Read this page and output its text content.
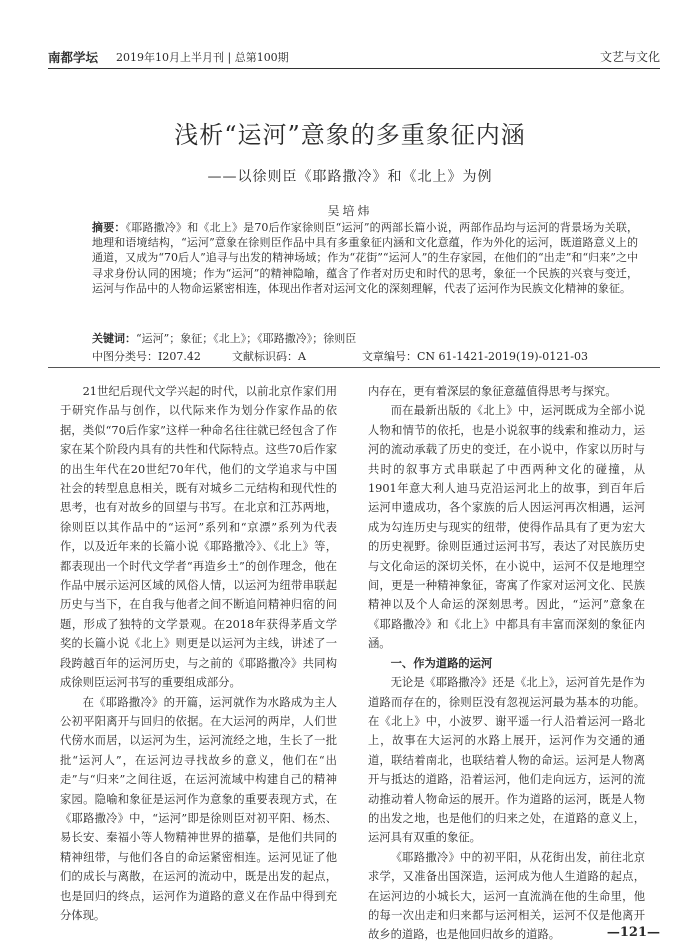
南都学坛 2019年10月上半月刊 | 总第100期	文艺与文化
浅析“运河”意象的多重象征内涵
——以徐则臣《耶路撒冷》和《北上》为例
吴培炜
摘要：《耶路撒冷》和《北上》是70后作家徐则臣“运河”的两部长篇小说，两部作品均与运河的背景场为关联，地理和语境结构，“运河”意象在徐则臣作品中具有多重象征内涵和文化意蕴，作为外化的运河，既道路意义上的通道，又成为“70后人”追寻与出发的精神场域；作为“花街”“运河人”的生存家园，在他们的“出走”和“归来”之中寻求身份认同的困境；作为“运河”的精神隐喻，蕴含了作者对历史和时代的思考，象征一个民族的兴衰与变迁，运河与作品中的人物命运紧密相连，体现出作者对运河文化的深刻理解，代表了运河作为民族文化精神的象征。
关键词：“运河”；象征；《北上》；《耶路撒冷》；徐则臣
中图分类号：I207.42	文献标识码：A	文章编号：CN 61-1421-2019(19)-0121-03

21世纪后现代文学兴起的时代，以前北京作家们用于研究作品与创作，以代际来作为划分作家作品的依据，类似“70后作家”这样一种命名往往就已经包含了作家在某个阶段内具有的共性和代际特点。这些70后作家的出生年代在20世纪70年代，他们的文学追求与中国社会的转型息息相关，既有对城乡二元结构和现代性的思考，也有对故乡的回望与书写。在北京和江苏两地，徐则臣以其作品中的“运河”系列和“京漂”系列为代表作，以及近年来的长篇小说《耶路撒冷》、《北上》等，都表现出一个时代文学者“再造乡土”的创作理念，他在作品中展示运河区域的风俗人情，以运河为纽带串联起历史与当下，在自我与他者之间不断追问精神归宿的问题，形成了独特的文学景观。在2018年获得茅盾文学奖的长篇小说《北上》则更是以运河为主线，讲述了一段跨越百年的运河历史，与之前的《耶路撒冷》共同构成徐则臣运河书写的重要组成部分。

在《耶路撒冷》的开篇，运河就作为水路成为主人公初平阳离开与回归的依据。在大运河的两岸，人们世代傍水而居，以运河为生，运河流经之地，生长了一批批“运河人”，在运河边寻找故乡的意义，他们在“出走”与“归来”之间往返，在运河流域中构建自己的精神家园。隐喻和象征是运河作为意象的重要表现方式，在《耶路撒冷》中，“运河”即是徐则臣对初平阳、杨杰、易长安、秦福小等人物精神世界的描摹，是他们共同的精神纽带，与他们各自的命运紧密相连。运河见证了他们的成长与离散，在运河的流动中，既是出发的起点，也是回归的终点，运河作为道路的意义在作品中得到充分体现。

内存在，更有着深层的象征意蕴值得思考与探究。

而在最新出版的《北上》中，运河既成为全部小说人物和情节的依托，也是小说叙事的线索和推动力，运河的流动承载了历史的变迁，在小说中，作家以历时与共时的叙事方式串联起了中西两种文化的碰撞，从1901年意大利人迪马克沿运河北上的故事，到百年后运河申遗成功，各个家族的后人因运河再次相遇，运河成为勾连历史与现实的纽带，使得作品具有了更为宏大的历史视野。徐则臣通过运河书写，表达了对民族历史与文化命运的深切关怀，在小说中，运河不仅是地理空间，更是一种精神象征，寄寓了作家对运河文化、民族精神以及个人命运的深刻思考。因此，“运河”意象在《耶路撒冷》和《北上》中都具有丰富而深刻的象征内涵。

一、作为道路的运河

无论是《耶路撒冷》还是《北上》，运河首先是作为道路而存在的，徐则臣没有忽视运河最为基本的功能。在《北上》中，小波罗、谢平遥一行人沿着运河一路北上，故事在大运河的水路上展开，运河作为交通的通道，联结着南北，也联结着人物的命运。运河是人物离开与抵达的道路，沿着运河，他们走向远方，运河的流动推动着人物命运的展开。作为道路的运河，既是人物的出发之地，也是他们的归来之处，在道路的意义上，运河具有双重的象征。

《耶路撒冷》中的初平阳，从花街出发，前往北京求学，又准备出国深造，运河成为他人生道路的起点，在运河边的小城长大，运河一直流淌在他的生命里，他的每一次出走和归来都与运河相关，运河不仅是他离开故乡的道路，也是他回归故乡的道路。	—121—
